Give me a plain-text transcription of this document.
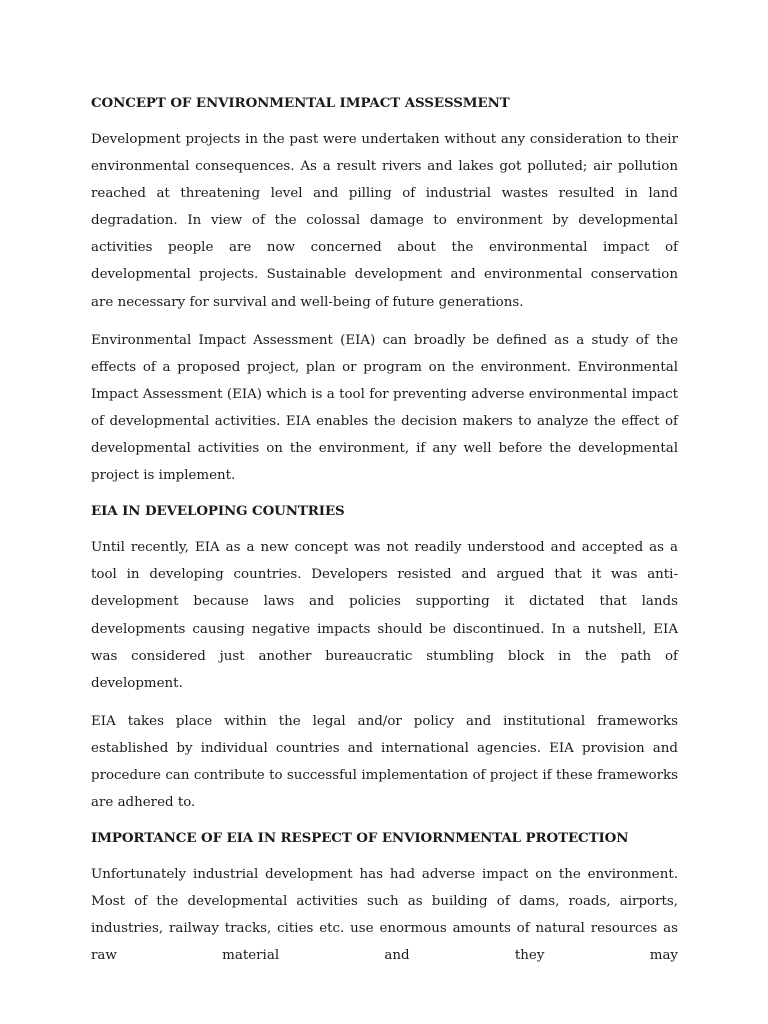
CONCEPT OF ENVIRONMENTAL IMPACT ASSESSMENT

Development projects in the past were undertaken without any consideration to their environmental consequences. As a result rivers and lakes got polluted; air pollution reached at threatening level and pilling of industrial wastes resulted in land degradation. In view of the colossal damage to environment by developmental activities people are now concerned about the environmental impact of developmental projects. Sustainable development and environmental conservation are necessary for survival and well-being of future generations.

Environmental Impact Assessment (EIA) can broadly be defined as a study of the effects of a proposed project, plan or program on the environment. Environmental Impact Assessment (EIA) which is a tool for preventing adverse environmental impact of developmental activities. EIA enables the decision makers to analyze the effect of developmental activities on the environment, if any well before the developmental project is implement.

EIA IN DEVELOPING COUNTRIES

Until recently, EIA as a new concept was not readily understood and accepted as a tool in developing countries. Developers resisted and argued that it was anti-development because laws and policies supporting it dictated that lands developments causing negative impacts should be discontinued. In a nutshell, EIA was considered just another bureaucratic stumbling block in the path of development.

EIA takes place within the legal and/or policy and institutional frameworks established by individual countries and international agencies. EIA provision and procedure can contribute to successful implementation of project if these frameworks are adhered to.

IMPORTANCE OF EIA IN RESPECT OF ENVIORNMENTAL PROTECTION

Unfortunately industrial development has had adverse impact on the environment. Most of the developmental activities such as building of dams, roads, airports, industries, railway tracks, cities etc. use enormous amounts of natural resources as raw material and they may
